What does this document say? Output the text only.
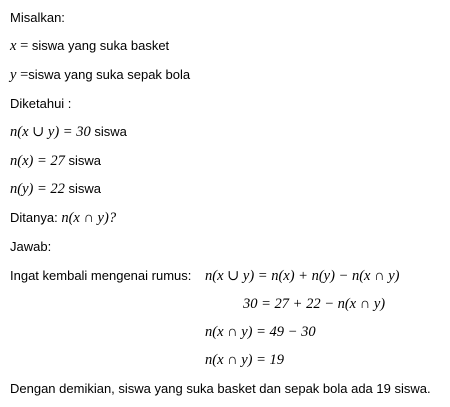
Misalkan:
x = siswa yang suka basket
y =siswa yang suka sepak bola
Diketahui :
n(x ∪ y) = 30 siswa
n(x) = 27 siswa
n(y) = 22 siswa
Ditanya: n(x ∩ y)?
Jawab:
Ingat kembali mengenai rumus: n(x ∪ y) = n(x) + n(y) − n(x ∩ y)
30 = 27 + 22 − n(x ∩ y)
n(x ∩ y) = 49 − 30
n(x ∩ y) = 19
Dengan demikian, siswa yang suka basket dan sepak bola ada 19 siswa.
